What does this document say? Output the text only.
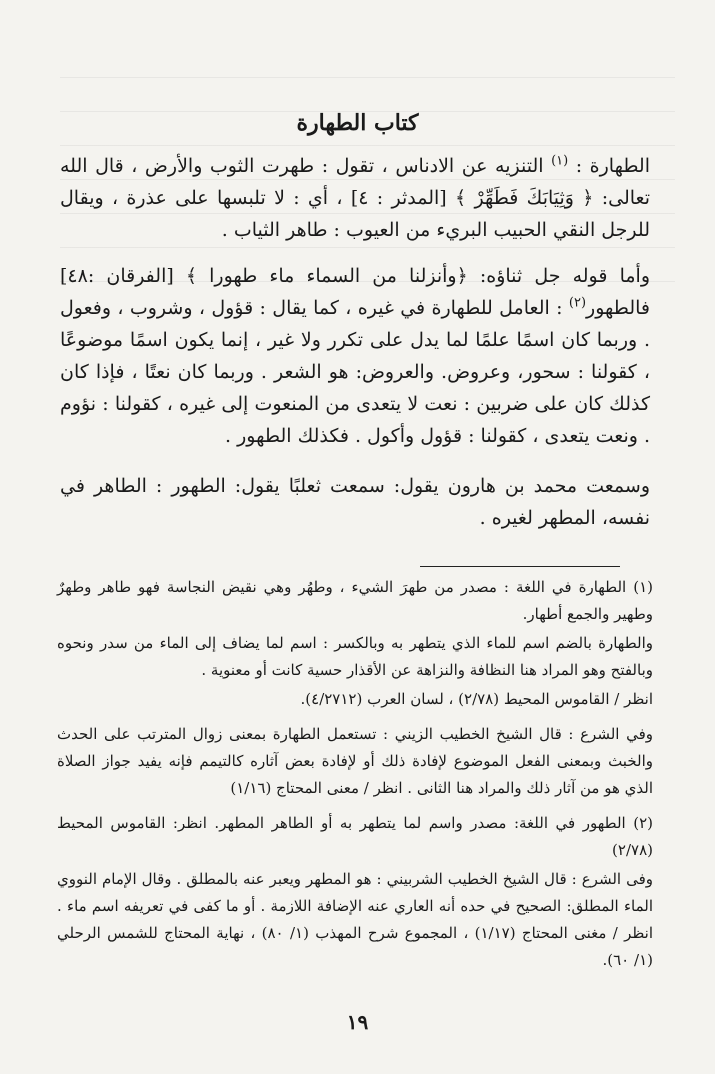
كتاب الطهارة

الطهارة : $^{(١)}$ التنزيه عن الادناس ، تقول : طهرت الثوب والأرض ، قال الله تعالى: ﴿ وَثِيَابَكَ فَطَهِّرْ ﴾ [المدثر : ٤] ، أي : لا تلبسها على عذرة ، ويقال للرجل النقي الحبيب البريء من العيوب : طاهر الثياب .

وأما قوله جل ثناؤه: ﴿وأنزلنا من السماء ماء طهورا ﴾ [الفرقان :٤٨] فالطهور$^{(٢)}$ : العامل للطهارة في غيره ، كما يقال : قؤول ، وشروب ، وفعول . وربما كان اسمًا علمًا لما يدل على تكرر ولا غير ، إنما يكون اسمًا موضوعًا ، كقولنا : سحور، وعروض. والعروض: هو الشعر . وربما كان نعتًا ، فإذا كان كذلك كان على ضربين : نعت لا يتعدى من المنعوت إلى غيره ، كقولنا : نؤوم . ونعت يتعدى ، كقولنا : قؤول وأكول . فكذلك الطهور .

وسمعت محمد بن هارون يقول: سمعت ثعلبًا يقول: الطهور : الطاهر في نفسه، المطهر لغيره .

(١) الطهارة في اللغة : مصدر من طهرَ الشيء ، وطهُر وهي نقيض النجاسة فهو طاهر وطهرٌ وطهير والجمع أطهار.

والطهارة بالضم اسم للماء الذي يتطهر به وبالكسر : اسم لما يضاف إلى الماء من سدر ونحوه وبالفتح وهو المراد هنا النظافة والنزاهة عن الأقذار حسية كانت أو معنوية .

انظر / القاموس المحيط (٢/٧٨) ، لسان العرب (٤/٢٧١٢).

وفي الشرع : قال الشيخ الخطيب الزيني : تستعمل الطهارة بمعنى زوال المترتب على الحدث والخبث وبمعنى الفعل الموضوع لإفادة ذلك أو لإفادة بعض آثاره كالتيمم فإنه يفيد جواز الصلاة الذي هو من آثار ذلك والمراد هنا الثانى . انظر / معنى المحتاج (١/١٦)

(٢) الطهور في اللغة: مصدر واسم لما يتطهر به أو الطاهر المطهر. انظر: القاموس المحيط (٢/٧٨)

وفى الشرع : قال الشيخ الخطيب الشربيني : هو المطهر ويعبر عنه بالمطلق . وقال الإمام النووي الماء المطلق: الصحيح في حده أنه العاري عنه الإضافة اللازمة . أو ما كفى في تعريفه اسم ماء . انظر / مغنى المحتاج (١/١٧) ، المجموع شرح المهذب (١/ ٨٠) ، نهاية المحتاج للشمس الرحلي (١/ ٦٠).

١٩
